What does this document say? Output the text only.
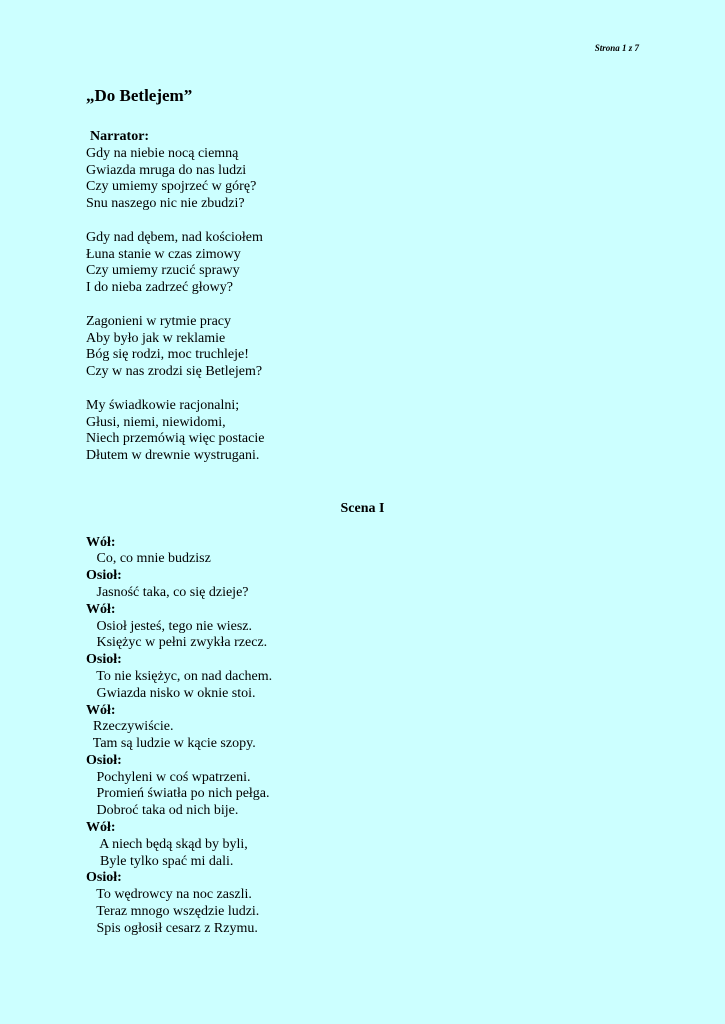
Strona 1 z 7
„Do Betlejem”
Narrator:
Gdy na niebie nocą ciemną
Gwiazda mruga do nas ludzi
Czy umiemy spojrzeć w górę?
Snu naszego nic nie zbudzi?
Gdy nad dębem, nad kościołem
Łuna stanie w czas zimowy
Czy umiemy rzucić sprawy
I do nieba zadrzeć głowy?
Zagonieni w rytmie pracy
Aby było jak w reklamie
Bóg się rodzi, moc truchleje!
Czy w nas zrodzi się Betlejem?
My świadkowie racjonalni;
Głusi, niemi, niewidomi,
Niech przemówią więc postacie
Dłutem w drewnie wystrugani.
Scena I
Wół:
Co, co mnie budzisz
Osioł:
Jasność taka, co się dzieje?
Wół:
Osioł jesteś, tego nie wiesz.
Księżyc w pełni zwykła rzecz.
Osioł:
To nie księżyc, on nad dachem.
Gwiazda nisko w oknie stoi.
Wół:
Rzeczywiście.
Tam są ludzie w kącie szopy.
Osioł:
Pochyleni w coś wpatrzeni.
Promień światła po nich pełga.
Dobroć taka od nich bije.
Wół:
A niech będą skąd by byli,
Byle tylko spać mi dali.
Osioł:
To wędrowcy na noc zaszli.
Teraz mnogo wszędzie ludzi.
Spis ogłosił cesarz z Rzymu.
